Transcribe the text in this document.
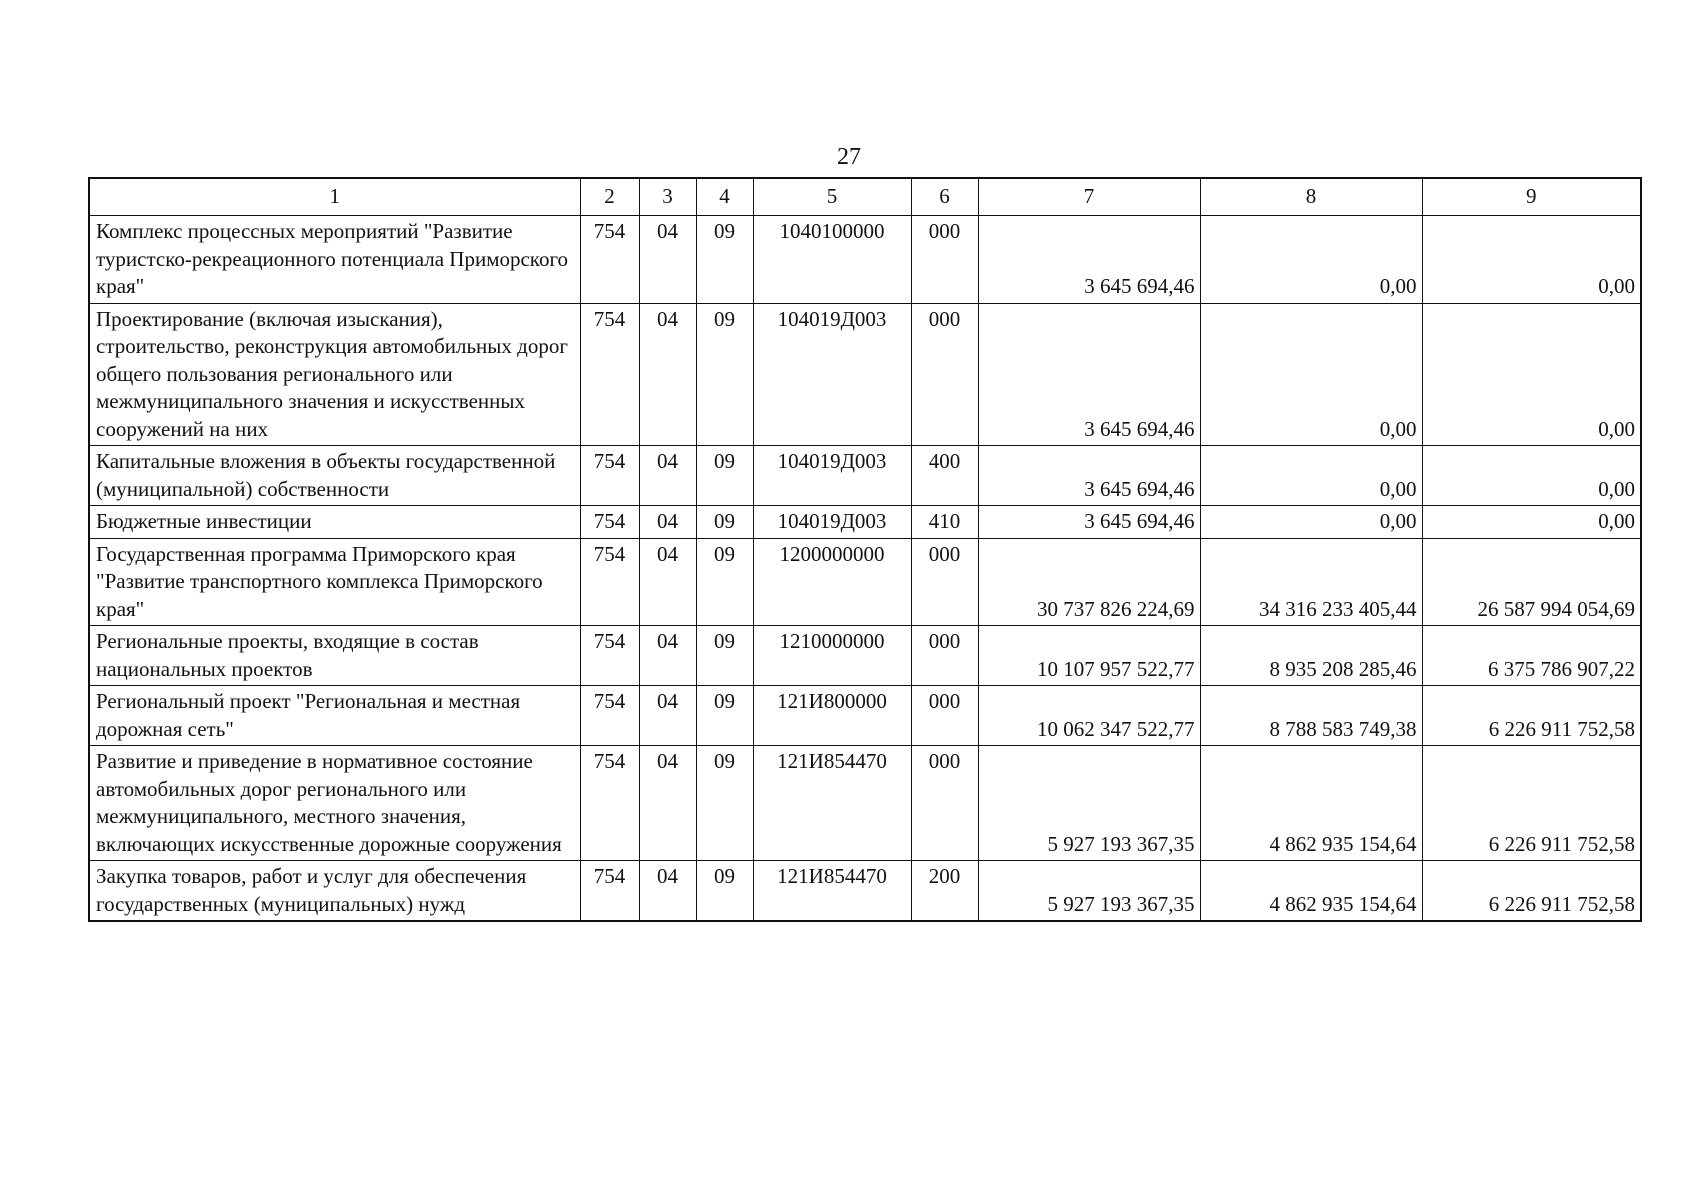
27
1	2	3	4	5	6	7	8	9
Комплекс процессных мероприятий "Развитие туристско-рекреационного потенциала Приморского края"	754	04	09	1040100000	000	3 645 694,46	0,00	0,00
Проектирование (включая изыскания), строительство, реконструкция автомобильных дорог общего пользования регионального или межмуниципального значения и искусственных сооружений на них	754	04	09	104019Д003	000	3 645 694,46	0,00	0,00
Капитальные вложения в объекты государственной (муниципальной) собственности	754	04	09	104019Д003	400	3 645 694,46	0,00	0,00
Бюджетные инвестиции	754	04	09	104019Д003	410	3 645 694,46	0,00	0,00
Государственная программа Приморского края "Развитие транспортного комплекса Приморского края"	754	04	09	1200000000	000	30 737 826 224,69	34 316 233 405,44	26 587 994 054,69
Региональные проекты, входящие в состав национальных проектов	754	04	09	1210000000	000	10 107 957 522,77	8 935 208 285,46	6 375 786 907,22
Региональный проект "Региональная и местная дорожная сеть"	754	04	09	121И800000	000	10 062 347 522,77	8 788 583 749,38	6 226 911 752,58
Развитие и приведение в нормативное состояние автомобильных дорог регионального или межмуниципального, местного значения, включающих искусственные дорожные сооружения	754	04	09	121И854470	000	5 927 193 367,35	4 862 935 154,64	6 226 911 752,58
Закупка товаров, работ и услуг для обеспечения государственных (муниципальных) нужд	754	04	09	121И854470	200	5 927 193 367,35	4 862 935 154,64	6 226 911 752,58
